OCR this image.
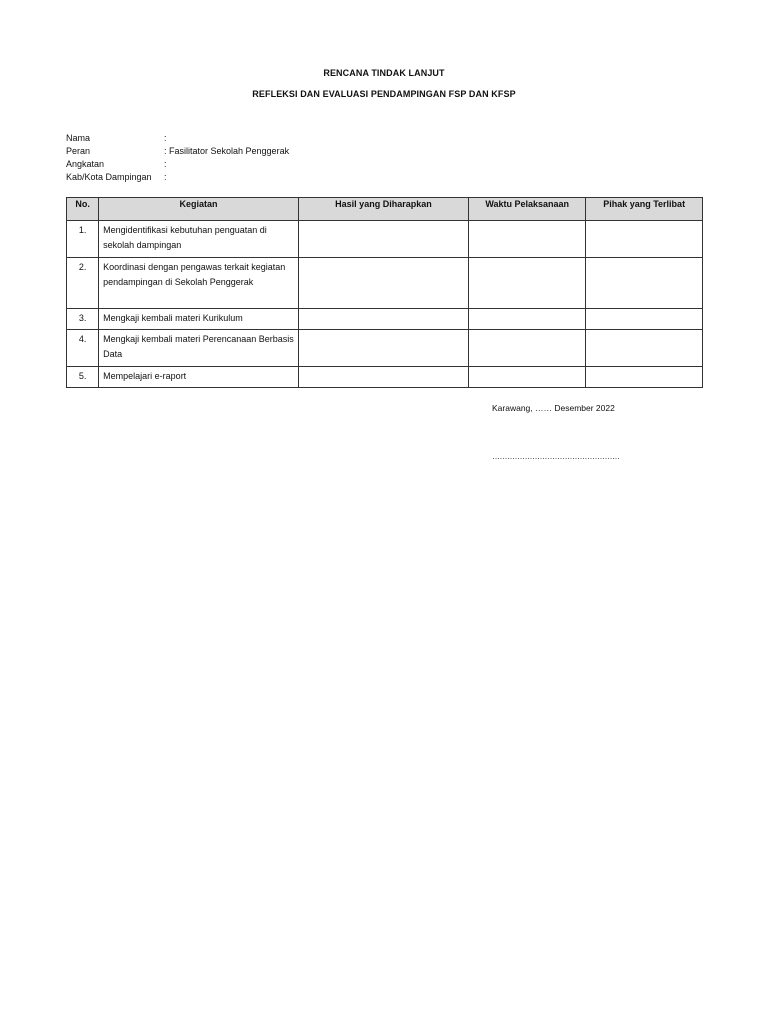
RENCANA TINDAK LANJUT
REFLEKSI DAN EVALUASI PENDAMPINGAN FSP DAN KFSP
Nama	:
Peran	: Fasilitator Sekolah Penggerak
Angkatan	:
Kab/Kota Dampingan	:
No.	Kegiatan	Hasil yang Diharapkan	Waktu Pelaksanaan	Pihak yang Terlibat
1.	Mengidentifikasi kebutuhan penguatan di sekolah dampingan			
2.	Koordinasi dengan pengawas terkait kegiatan pendampingan di Sekolah Penggerak			
3.	Mengkaji kembali materi Kurikulum			
4.	Mengkaji kembali materi Perencanaan Berbasis Data			
5.	Mempelajari e-raport			
Karawang, …… Desember 2022
……………………………………………
